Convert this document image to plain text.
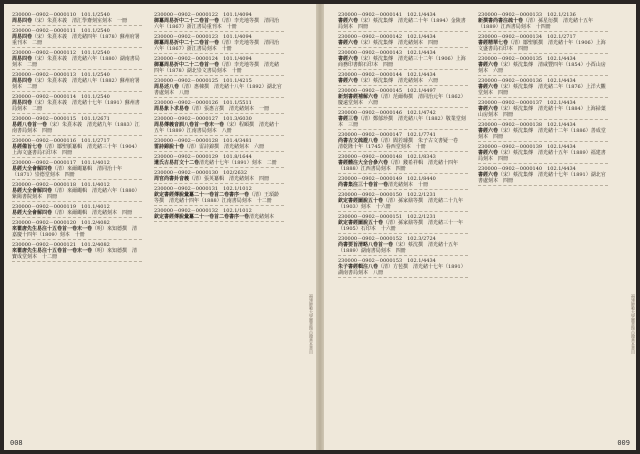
230000－0902－0000110　101.1/2540
周易四卷（宋）朱熹本義　清汇學齋刻室刻本　一冊
230000－0902－0000111　101.1/2540
周易四卷（宋）朱熹本義　清光緒四年（1878）蘇州府署重刊本　二冊
230000－0902－0000112　101.1/2540
周易四卷（宋）朱熹本義　清光緒六年（1880）湖南書局刻本　二冊
230000－0902－0000113　101.1/2540
周易四卷（宋）朱熹本義　清光緒八年（1882）蘇州府署刻本　二冊
230000－0902－0000114　101.1/2540
周易四卷（宋）朱熹本義　清光緒十七年（1891）蘇州書局刻本　二冊
230000－0902－0000115　101.1/2671
易經八卷首一卷（宋）朱熹本義　清光緒九年（1883）江南書局刻本　四冊
230000－0902－0000116　101.1/2717
易經備旨七卷（清）鄒聖脈纂輯　清光緒三十年（1904）上海文盛書局石印本　四冊
230000－0902－0000117　101.1/4012
易經大全會解四卷（清）來爾繩纂輯　清同治十年（1871）崇德堂刻本　四冊
230000－0902－0000118　101.1/4012
易經大全會解四卷（清）來爾繩輯　清光緒六年（1880）紫陽書院刻本　四冊
230000－0902－0000119　101.1/4012
易經大全會解四卷（清）來爾繩輯　清光緒刻本　四冊
230000－0902－0000120　101.2/4082
來瞿唐先生易注十五卷首一卷末一卷（明）來知德撰　清嘉慶十四年（1809）刻本　十冊
230000－0902－0000121　101.2/4082
來瞿唐先生易注十五卷首一卷末一卷（明）來知德撰　清寶成堂刻本　十二冊
230000－0902－0000122　101.1/4094
御纂周易折中二十二卷首一卷（清）李光地等撰　清同治六年（1867）浙江書局重刊本　十冊
230000－0902－0000123　101.1/4094
御纂周易折中二十二卷首一卷（清）李光地等撰　清同治六年（1867）浙江書局刻本　十冊
230000－0902－0000124　101.1/4094
御纂周易折中二十二卷首一卷（清）李光地等撰　清光緒四年（1878）湖北崇文書局刻本　十冊
230000－0902－0000125　101.1/4215
周易述八卷（清）惠棟撰　清光緒十八年（1892）湖北官書處刻本　八冊
230000－0902－0000126　101.1/5511
周易象卜求易卷（清）張惠言撰　清光緒刻本　一冊
230000－0902－0000127　101.3/6030
周易傳義音訓八卷首一卷末一卷（宋）程頤撰　清光緒十五年（1889）江南書局刻本　八冊
230000－0902－0000128　101.4/3481
雷詩錦說十卷（清）雷詩錦撰　清光緒刻本　六冊
230000－0902－0000129　101.8/1644
遺氏古易訂文十二卷清光緒十七年（1891）刻本　二冊
230000－0902－0000130　102/2632
周官尚書卦音義（清）張英纂輯　清光緒刻本　四冊
230000－0902－0000131　102.1/1012
欽定書經傳說彙纂二十一卷首二卷書序一卷（清）王頊齡等撰　清光緒十四年（1888）江南書局刻本　十二冊
230000－0902－0000132　102.1/1012
欽定書經傳說彙纂二十一卷首二卷書序一卷清光緒刻本
福建師範大學圖書館古籍善本書目
008
230000－0902－0000133　102.1/2136
新撰書尚書注疏十卷（清）孫星衍撰　清光緒十五年（1889）江西書局刻本　十四冊
230000－0902－0000134　102.1/2717
書經精華七卷（清）鄒聖脈撰　清光緒十年（1906）上海文盛書局石印本　四冊
230000－0902－0000135　102.1/4434
書經六卷（宋）蔡沈集傳　清咸豐四年（1854）小酉山房刻本　六冊
230000－0902－0000136　102.1/4434
書經六卷（宋）蔡沈集傳　清光緒二年（1876）上洋大觀堂刻本　四冊
230000－0902－0000137　102.1/4434
書經六卷（宋）蔡沈集傳　清光緒十年（1884）上海掃葉山房刻本　四冊
230000－0902－0000138　102.1/4434
書經六卷（宋）蔡沈集傳　清光緒十二年（1886）善成堂刻本　四冊
230000－0902－0000139　102.1/4434
書經六卷（宋）蔡沈集傳　清光緒十五年（1889）福建書局刻本　四冊
230000－0902－0000140　102.1/4434
書經六卷（宋）蔡沈集傳　清光緒十七年（1891）湖北官書處刻本　四冊
230000－0902－0000141　102.1/4434
書經六卷（宋）蔡沈集傳　清光緒二十年（1894）金陵書局刻本　四冊
230000－0902－0000142　102.1/4434
書經六卷（宋）蔡沈集傳　清光緒刻本　四冊
230000－0902－0000143　102.1/4434
書經六卷（宋）蔡沈集傳　清光緒三十二年（1906）上海商務印書館石印本　四冊
230000－0902－0000144　102.1/4434
書經六卷（宋）蔡沈集傳　清光緒刻本　六冊
230000－0902－0000145　102.1/4497
新刻書經補解六卷（清）范爾梅撰　清同治元年（1862）慶遠堂刻本　六冊
230000－0902－0000146　102.1/4742
書經三卷（清）鄭郁珍撰　清光緒八年（1882）敬業堂刻本　三冊
230000－0902－0000147　102.1/7741
尚書古文疏證八卷（清）閻若璩撰　朱子古文書疑一卷　清乾隆十年（1745）眷西堂刻本　十冊
230000－0902－0000148　102.1/8343
書經體注大全合參六卷（清）錢希祥輯　清光緒十四年（1888）江西書局刻本　四冊
230000－0902－0000149　102.1/8440
尚書集注三十卷首一卷清光緒刻本　十冊
230000－0902－0000150　102.2/1231
欽定書經圖說五十卷（清）孫家鼐等撰　清光緒二十九年（1903）刻本　十六冊
230000－0902－0000151　102.2/1231
欽定書經圖說五十卷（清）孫家鼐等撰　清光緒三十一年（1905）石印本　十六冊
230000－0902－0000152　102.3/2724
尚書要旨清略八卷首一卷（宋）蔡沈撰　清光緒十五年（1889）湖南書局刻本　四冊
230000－0902－0000153　102.1/4434
朱子書經輯注八卷（清）方苞撰　清光緒十七年（1891）湖南書局刻本　八冊
福建師範大學圖書館古籍善本書目
009
